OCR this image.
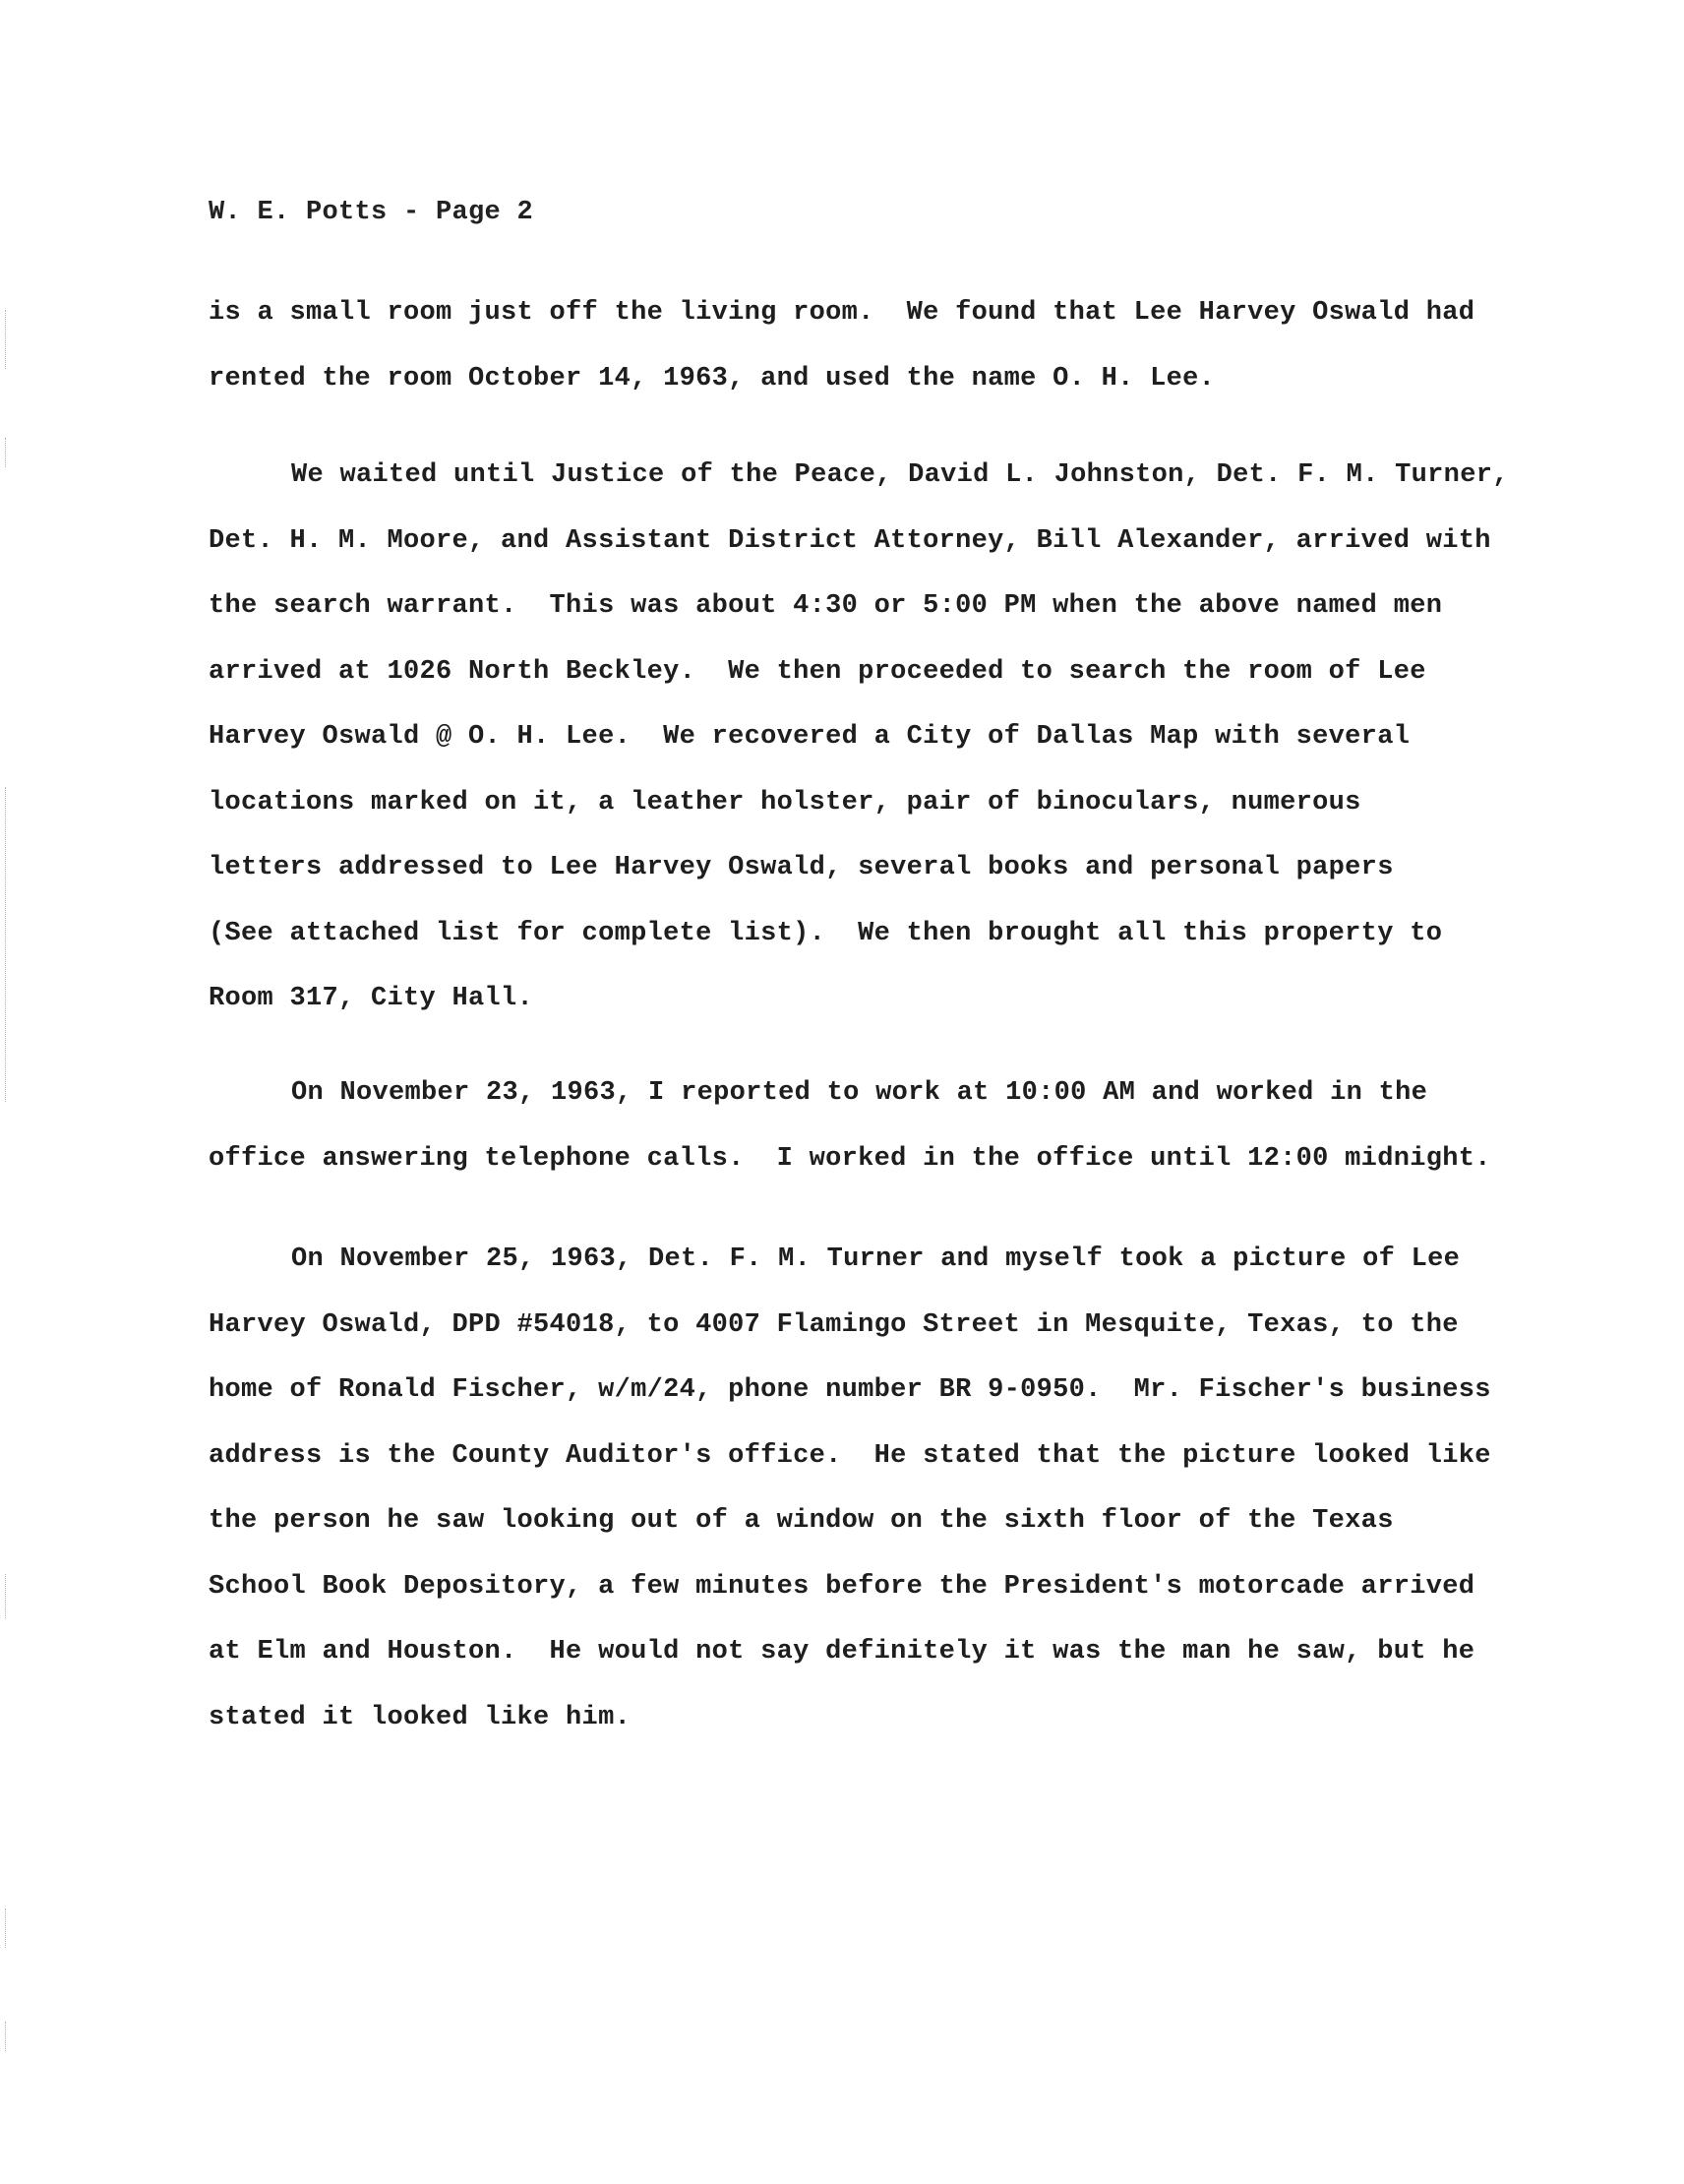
W. E. Potts - Page 2
is a small room just off the living room.  We found that Lee Harvey Oswald had
rented the room October 14, 1963, and used the name O. H. Lee.
We waited until Justice of the Peace, David L. Johnston, Det. F. M. Turner,
Det. H. M. Moore, and Assistant District Attorney, Bill Alexander, arrived with
the search warrant.  This was about 4:30 or 5:00 PM when the above named men
arrived at 1026 North Beckley.  We then proceeded to search the room of Lee
Harvey Oswald @ O. H. Lee.  We recovered a City of Dallas Map with several
locations marked on it, a leather holster, pair of binoculars, numerous
letters addressed to Lee Harvey Oswald, several books and personal papers
(See attached list for complete list).  We then brought all this property to
Room 317, City Hall.
On November 23, 1963, I reported to work at 10:00 AM and worked in the
office answering telephone calls.  I worked in the office until 12:00 midnight.
On November 25, 1963, Det. F. M. Turner and myself took a picture of Lee
Harvey Oswald, DPD #54018, to 4007 Flamingo Street in Mesquite, Texas, to the
home of Ronald Fischer, w/m/24, phone number BR 9-0950.  Mr. Fischer's business
address is the County Auditor's office.  He stated that the picture looked like
the person he saw looking out of a window on the sixth floor of the Texas
School Book Depository, a few minutes before the President's motorcade arrived
at Elm and Houston.  He would not say definitely it was the man he saw, but he
stated it looked like him.
